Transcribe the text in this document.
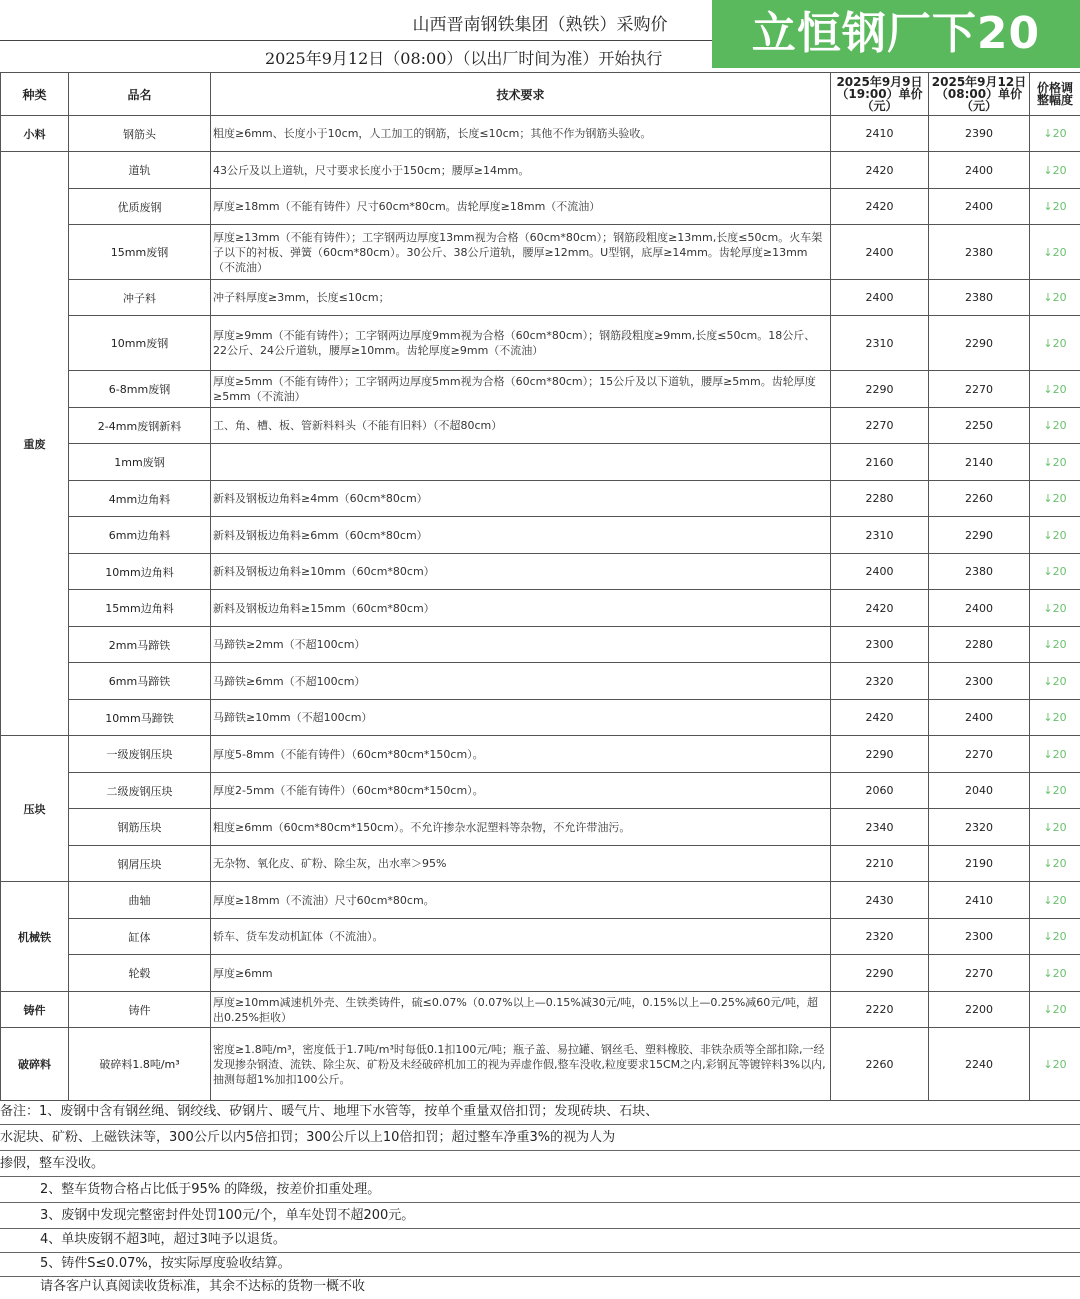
山西晋南钢铁集团（熟铁）采购价
2025年9月12日（08:00）（以出厂时间为准）开始执行	立恒钢厂下20
种类	品名	技术要求	2025年9月9日（19:00）单价（元）	2025年9月12日（08:00）单价（元）	价格调整幅度
小料	钢筋头	粗度≥6mm、长度小于10cm，人工加工的钢筋，长度≤10cm；其他不作为钢筋头验收。	2410	2390	↓20
重废	道轨	43公斤及以上道轨，尺寸要求长度小于150cm；腰厚≥14mm。	2420	2400	↓20
	优质废钢	厚度≥18mm（不能有铸件）尺寸60cm*80cm。齿轮厚度≥18mm（不流油）	2420	2400	↓20
	15mm废钢	厚度≥13mm（不能有铸件）；工字钢两边厚度13mm视为合格（60cm*80cm）；钢筋段粗度≥13mm,长度≤50cm。火车架子以下的衬板、弹簧（60cm*80cm）。30公斤、38公斤道轨，腰厚≥12mm。U型钢，底厚≥14mm。齿轮厚度≥13mm（不流油）	2400	2380	↓20
	冲子料	冲子料厚度≥3mm，长度≤10cm；	2400	2380	↓20
	10mm废钢	厚度≥9mm（不能有铸件）；工字钢两边厚度9mm视为合格（60cm*80cm）；钢筋段粗度≥9mm,长度≤50cm。18公斤、22公斤、24公斤道轨，腰厚≥10mm。齿轮厚度≥9mm（不流油）	2310	2290	↓20
	6-8mm废钢	厚度≥5mm（不能有铸件）；工字钢两边厚度5mm视为合格（60cm*80cm）；15公斤及以下道轨，腰厚≥5mm。齿轮厚度≥5mm（不流油）	2290	2270	↓20
	2-4mm废钢新料	工、角、槽、板、管新料料头（不能有旧料）（不超80cm）	2270	2250	↓20
	1mm废钢		2160	2140	↓20
	4mm边角料	新料及钢板边角料≥4mm（60cm*80cm）	2280	2260	↓20
	6mm边角料	新料及钢板边角料≥6mm（60cm*80cm）	2310	2290	↓20
	10mm边角料	新料及钢板边角料≥10mm（60cm*80cm）	2400	2380	↓20
	15mm边角料	新料及钢板边角料≥15mm（60cm*80cm）	2420	2400	↓20
	2mm马蹄铁	马蹄铁≥2mm（不超100cm）	2300	2280	↓20
	6mm马蹄铁	马蹄铁≥6mm（不超100cm）	2320	2300	↓20
	10mm马蹄铁	马蹄铁≥10mm（不超100cm）	2420	2400	↓20
压块	一级废钢压块	厚度5-8mm（不能有铸件）（60cm*80cm*150cm）。	2290	2270	↓20
	二级废钢压块	厚度2-5mm（不能有铸件）（60cm*80cm*150cm）。	2060	2040	↓20
	钢筋压块	粗度≥6mm（60cm*80cm*150cm）。不允许掺杂水泥塑料等杂物，不允许带油污。	2340	2320	↓20
	钢屑压块	无杂物、氧化皮、矿粉、除尘灰，出水率＞95%	2210	2190	↓20
机械铁	曲轴	厚度≥18mm（不流油）尺寸60cm*80cm。	2430	2410	↓20
	缸体	轿车、货车发动机缸体（不流油）。	2320	2300	↓20
	轮毂	厚度≥6mm	2290	2270	↓20
铸件	铸件	厚度≥10mm减速机外壳、生铁类铸件，硫≤0.07%（0.07%以上—0.15%减30元/吨，0.15%以上—0.25%减60元/吨，超出0.25%拒收）	2220	2200	↓20
破碎料	破碎料1.8吨/m³	密度≥1.8吨/m³，密度低于1.7吨/m³时每低0.1扣100元/吨；瓶子盖、易拉罐、钢丝毛、塑料橡胶、非铁杂质等全部扣除,一经发现掺杂钢渣、流铁、除尘灰、矿粉及未经破碎机加工的视为弄虚作假,整车没收,粒度要求15CM之内,彩钢瓦等镀锌料3%以内,抽测每超1%加扣100公斤。	2260	2240	↓20
备注：1、废钢中含有钢丝绳、钢绞线、矽钢片、暖气片、地埋下水管等，按单个重量双倍扣罚；发现砖块、石块、
水泥块、矿粉、上磁铁沫等，300公斤以内5倍扣罚；300公斤以上10倍扣罚；超过整车净重3%的视为人为
掺假，整车没收。
2、整车货物合格占比低于95% 的降级，按差价扣重处理。
3、废钢中发现完整密封件处罚100元/个，单车处罚不超200元。
4、单块废钢不超3吨，超过3吨予以退货。
5、铸件S≤0.07%，按实际厚度验收结算。
请各客户认真阅读收货标准，其余不达标的货物一概不收
